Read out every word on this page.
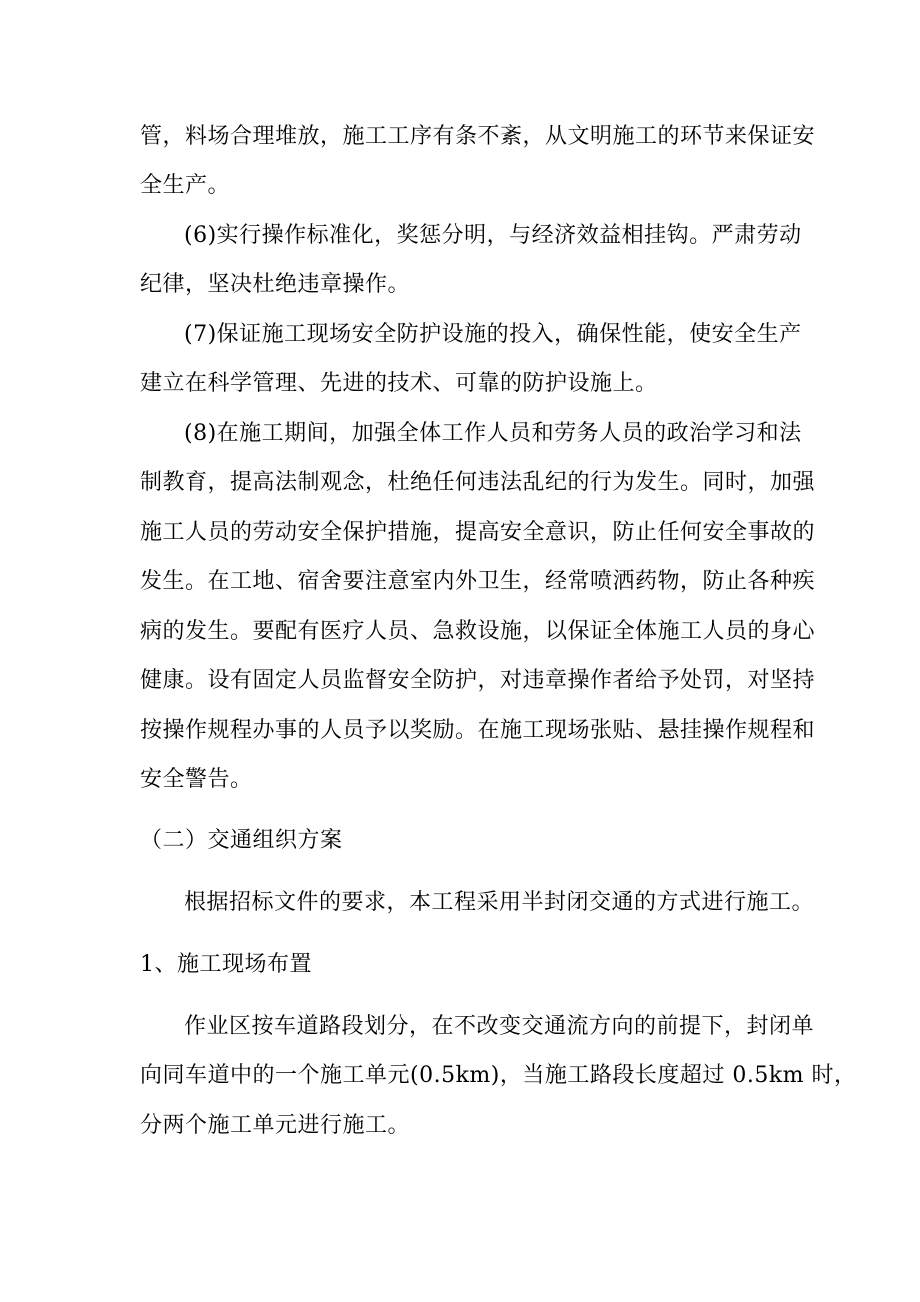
管，料场合理堆放，施工工序有条不紊，从文明施工的环节来保证安
全生产。
(6)实行操作标准化，奖惩分明，与经济效益相挂钩。严肃劳动
纪律，坚决杜绝违章操作。
(7)保证施工现场安全防护设施的投入，确保性能，使安全生产
建立在科学管理、先进的技术、可靠的防护设施上。
(8)在施工期间，加强全体工作人员和劳务人员的政治学习和法
制教育，提高法制观念，杜绝任何违法乱纪的行为发生。同时，加强
施工人员的劳动安全保护措施，提高安全意识，防止任何安全事故的
发生。在工地、宿舍要注意室内外卫生，经常喷洒药物，防止各种疾
病的发生。要配有医疗人员、急救设施，以保证全体施工人员的身心
健康。设有固定人员监督安全防护，对违章操作者给予处罚，对坚持
按操作规程办事的人员予以奖励。在施工现场张贴、悬挂操作规程和
安全警告。
（二）交通组织方案
根据招标文件的要求，本工程采用半封闭交通的方式进行施工。
1、施工现场布置
作业区按车道路段划分，在不改变交通流方向的前提下，封闭单
向同车道中的一个施工单元(0.5km)，当施工路段长度超过 0.5km 时，
分两个施工单元进行施工。
